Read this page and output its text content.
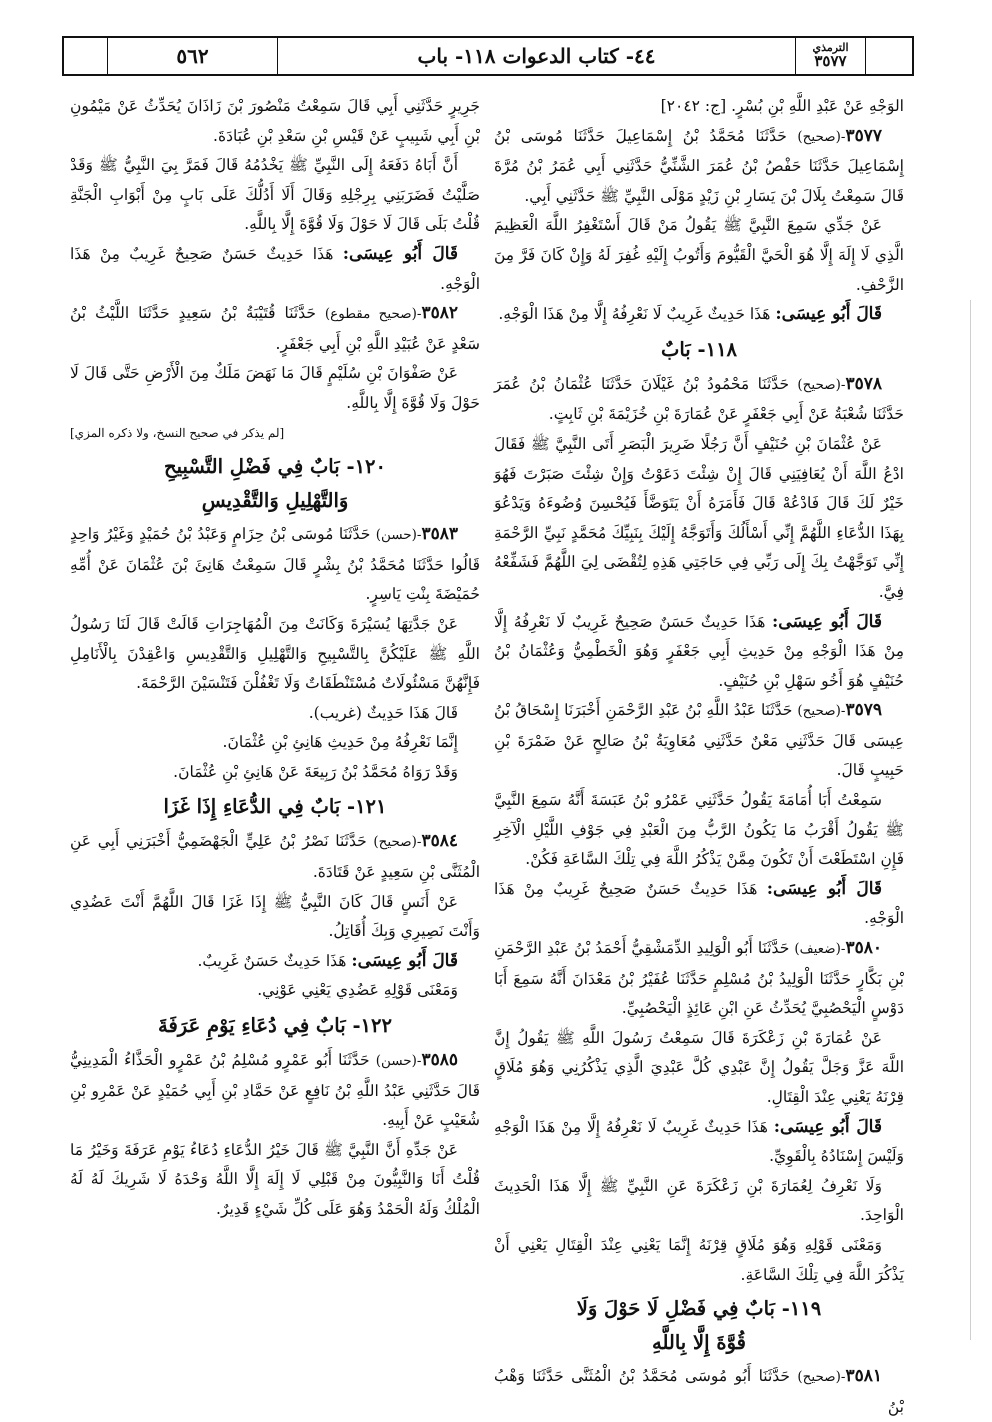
٥٦٢	٤٤- كتاب الدعوات ١١٨- باب	الترمذي
٣٥٧٧

الوَجْهِ عَنْ عَبْدِ اللَّهِ بْنِ بُسْرٍ. [ج: ٢٠٤٢]

٣٥٧٧-(صحيح) حَدَّثَنَا مُحَمَّدُ بْنُ إِسْمَاعِيلَ حَدَّثَنَا مُوسَى بْنُ إِسْمَاعِيلَ حَدَّثَنَا حَفْصُ بْنُ عُمَرَ الشَّنِّيُّ حَدَّثَنِي أَبِي عُمَرُ بْنُ مُرَّةَ قَالَ سَمِعْتُ بِلَالَ بْنَ يَسَارِ بْنِ زَيْدٍ مَوْلَى النَّبِيِّ ﷺ حَدَّثَنِي أَبِي.

عَنْ جَدِّي سَمِعَ النَّبِيَّ ﷺ يَقُولُ مَنْ قَالَ أَسْتَغْفِرُ اللَّهَ الْعَظِيمَ الَّذِي لَا إِلَهَ إِلَّا هُوَ الْحَيَّ الْقَيُّومَ وَأَتُوبُ إِلَيْهِ غُفِرَ لَهُ وَإِنْ كَانَ فَرَّ مِنَ الزَّحْفِ.

قَالَ أَبُو عِيسَى: هَذَا حَدِيثٌ غَرِيبٌ لَا نَعْرِفُهُ إِلَّا مِنْ هَذَا الْوَجْهِ.

١١٨- بَابٌ

٣٥٧٨-(صحيح) حَدَّثَنَا مَحْمُودُ بْنُ غَيْلَانَ حَدَّثَنَا عُثْمَانُ بْنُ عُمَرَ حَدَّثَنَا شُعْبَةُ عَنْ أَبِي جَعْفَرٍ عَنْ عُمَارَةَ بْنِ خُزَيْمَةَ بْنِ ثَابِتٍ.

عَنْ عُثْمَانَ بْنِ حُنَيْفٍ أَنَّ رَجُلًا ضَرِيرَ الْبَصَرِ أَتَى النَّبِيَّ ﷺ فَقَالَ ادْعُ اللَّهَ أَنْ يُعَافِيَنِي قَالَ إِنْ شِئْتَ دَعَوْتُ وَإِنْ شِئْتَ صَبَرْتَ فَهُوَ خَيْرٌ لَكَ قَالَ فَادْعُهْ قَالَ فَأَمَرَهُ أَنْ يَتَوَضَّأَ فَيُحْسِنَ وُضُوءَهُ وَيَدْعُوَ بِهَذَا الدُّعَاءِ اللَّهُمَّ إِنِّي أَسْأَلُكَ وَأَتَوَجَّهُ إِلَيْكَ بِنَبِيِّكَ مُحَمَّدٍ نَبِيِّ الرَّحْمَةِ إِنِّي تَوَجَّهْتُ بِكَ إِلَى رَبِّي فِي حَاجَتِي هَذِهِ لِتُقْضَى لِيَ اللَّهُمَّ فَشَفِّعْهُ فِيَّ.

قَالَ أَبُو عِيسَى: هَذَا حَدِيثٌ حَسَنٌ صَحِيحٌ غَرِيبٌ لَا نَعْرِفُهُ إِلَّا مِنْ هَذَا الْوَجْهِ مِنْ حَدِيثِ أَبِي جَعْفَرٍ وَهُوَ الْخَطْمِيُّ وَعُثْمَانُ بْنُ حُنَيْفٍ هُوَ أَخُو سَهْلِ بْنِ حُنَيْفٍ.

٣٥٧٩-(صحيح) حَدَّثَنَا عَبْدُ اللَّهِ بْنُ عَبْدِ الرَّحْمَنِ أَخْبَرَنَا إِسْحَاقُ بْنُ عِيسَى قَالَ حَدَّثَنِي مَعْنٌ حَدَّثَنِي مُعَاوِيَةُ بْنُ صَالِحٍ عَنْ ضَمْرَةَ بْنِ حَبِيبٍ قَالَ.

سَمِعْتُ أَبَا أُمَامَةَ يَقُولُ حَدَّثَنِي عَمْرُو بْنُ عَبَسَةَ أَنَّهُ سَمِعَ النَّبِيَّ ﷺ يَقُولُ أَقْرَبُ مَا يَكُونُ الرَّبُّ مِنَ الْعَبْدِ فِي جَوْفِ اللَّيْلِ الْآخِرِ فَإِنِ اسْتَطَعْتَ أَنْ تَكُونَ مِمَّنْ يَذْكُرُ اللَّهَ فِي تِلْكَ السَّاعَةِ فَكُنْ.

قَالَ أَبُو عِيسَى: هَذَا حَدِيثٌ حَسَنٌ صَحِيحٌ غَرِيبٌ مِنْ هَذَا الْوَجْهِ.

٣٥٨٠-(ضعيف) حَدَّثَنَا أَبُو الْوَلِيدِ الدِّمَشْقِيُّ أَحْمَدُ بْنُ عَبْدِ الرَّحْمَنِ بْنِ بَكَّارٍ حَدَّثَنَا الْوَلِيدُ بْنُ مُسْلِمٍ حَدَّثَنَا عُفَيْرُ بْنُ مَعْدَانَ أَنَّهُ سَمِعَ أَبَا دَوْسٍ الْيَحْصُبِيَّ يُحَدِّثُ عَنِ ابْنِ عَائِذٍ الْيَحْصُبِيِّ.

عَنْ عُمَارَةَ بْنِ زَعْكَرَةَ قَالَ سَمِعْتُ رَسُولَ اللَّهِ ﷺ يَقُولُ إِنَّ اللَّهَ عَزَّ وَجَلَّ يَقُولُ إِنَّ عَبْدِي كُلَّ عَبْدِيَ الَّذِي يَذْكُرُنِي وَهُوَ مُلَاقٍ قِرْنَهُ يَعْنِي عِنْدَ الْقِتَالِ.

قَالَ أَبُو عِيسَى: هَذَا حَدِيثٌ غَرِيبٌ لَا نَعْرِفُهُ إِلَّا مِنْ هَذَا الْوَجْهِ وَلَيْسَ إِسْنَادُهُ بِالْقَوِيِّ.

وَلَا نَعْرِفُ لِعُمَارَةَ بْنِ زَعْكَرَةَ عَنِ النَّبِيِّ ﷺ إِلَّا هَذَا الْحَدِيثَ الْوَاحِدَ.

وَمَعْنَى قَوْلِهِ وَهُوَ مُلَاقٍ قِرْنَهُ إِنَّمَا يَعْنِي عِنْدَ الْقِتَالِ يَعْنِي أَنْ يَذْكُرَ اللَّهَ فِي تِلْكَ السَّاعَةِ.

١١٩- بَابٌ فِي فَضْلِ لَا حَوْلَ وَلَا
قُوَّةَ إِلَّا بِاللَّهِ

٣٥٨١-(صحيح) حَدَّثَنَا أَبُو مُوسَى مُحَمَّدُ بْنُ الْمُثَنَّى حَدَّثَنَا وَهْبُ بْنُ

جَرِيرٍ حَدَّثَنِي أَبِي قَالَ سَمِعْتُ مَنْصُورَ بْنَ زَاذَانَ يُحَدِّثُ عَنْ مَيْمُونِ بْنِ أَبِي شَبِيبٍ عَنْ قَيْسِ بْنِ سَعْدِ بْنِ عُبَادَةَ.

أَنَّ أَبَاهُ دَفَعَهُ إِلَى النَّبِيِّ ﷺ يَخْدُمُهُ قَالَ فَمَرَّ بِيَ النَّبِيُّ ﷺ وَقَدْ صَلَّيْتُ فَضَرَبَنِي بِرِجْلِهِ وَقَالَ أَلَا أَدُلُّكَ عَلَى بَابٍ مِنْ أَبْوَابِ الْجَنَّةِ قُلْتُ بَلَى قَالَ لَا حَوْلَ وَلَا قُوَّةَ إِلَّا بِاللَّهِ.

قَالَ أَبُو عِيسَى: هَذَا حَدِيثٌ حَسَنٌ صَحِيحٌ غَرِيبٌ مِنْ هَذَا الْوَجْهِ.

٣٥٨٢-(صحيح مقطوع) حَدَّثَنَا قُتَيْبَةُ بْنُ سَعِيدٍ حَدَّثَنَا اللَّيْثُ بْنُ سَعْدٍ عَنْ عُبَيْدِ اللَّهِ بْنِ أَبِي جَعْفَرٍ.

عَنْ صَفْوَانَ بْنِ سُلَيْمٍ قَالَ مَا نَهَضَ مَلَكٌ مِنَ الْأَرْضِ حَتَّى قَالَ لَا حَوْلَ وَلَا قُوَّةَ إِلَّا بِاللَّهِ.

[لم يذكر في صحيح النسخ، ولا ذكره المزي]

١٢٠- بَابٌ فِي فَضْلِ التَّسْبِيحِ
وَالتَّهْلِيلِ وَالتَّقْدِيسِ

٣٥٨٣-(حسن) حَدَّثَنَا مُوسَى بْنُ حِزَامٍ وَعَبْدُ بْنُ حُمَيْدٍ وَغَيْرُ وَاحِدٍ قَالُوا حَدَّثَنَا مُحَمَّدُ بْنُ بِشْرٍ قَالَ سَمِعْتُ هَانِئَ بْنَ عُثْمَانَ عَنْ أُمِّهِ حُمَيْضَةَ بِنْتِ يَاسِرٍ.

عَنْ جَدَّتِهَا يُسَيْرَةَ وَكَانَتْ مِنَ الْمُهَاجِرَاتِ قَالَتْ قَالَ لَنَا رَسُولُ اللَّهِ ﷺ عَلَيْكُنَّ بِالتَّسْبِيحِ وَالتَّهْلِيلِ وَالتَّقْدِيسِ وَاعْقِدْنَ بِالْأَنَامِلِ فَإِنَّهُنَّ مَسْئُولَاتٌ مُسْتَنْطَقَاتٌ وَلَا تَغْفُلْنَ فَتَنْسَيْنَ الرَّحْمَةَ.

قَالَ هَذَا حَدِيثٌ (غريب).

إِنَّمَا نَعْرِفُهُ مِنْ حَدِيثِ هَانِئِ بْنِ عُثْمَانَ.

وَقَدْ رَوَاهُ مُحَمَّدُ بْنُ رَبِيعَةَ عَنْ هَانِئِ بْنِ عُثْمَانَ.

١٢١- بَابٌ فِي الدُّعَاءِ إِذَا غَزَا

٣٥٨٤-(صحيح) حَدَّثَنَا نَصْرُ بْنُ عَلِيٍّ الْجَهْضَمِيُّ أَخْبَرَنِي أَبِي عَنِ الْمُثَنَّى بْنِ سَعِيدٍ عَنْ قَتَادَةَ.

عَنْ أَنَسٍ قَالَ كَانَ النَّبِيُّ ﷺ إِذَا غَزَا قَالَ اللَّهُمَّ أَنْتَ عَضُدِي وَأَنْتَ نَصِيرِي وَبِكَ أُقَاتِلُ.

قَالَ أَبُو عِيسَى: هَذَا حَدِيثٌ حَسَنٌ غَرِيبٌ.

وَمَعْنَى قَوْلِهِ عَضُدِي يَعْنِي عَوْنِي.

١٢٢- بَابٌ فِي دُعَاءِ يَوْمِ عَرَفَةَ

٣٥٨٥-(حسن) حَدَّثَنَا أَبُو عَمْرٍو مُسْلِمُ بْنُ عَمْرٍو الْحَذَّاءُ الْمَدِينِيُّ قَالَ حَدَّثَنِي عَبْدُ اللَّهِ بْنُ نَافِعٍ عَنْ حَمَّادِ بْنِ أَبِي حُمَيْدٍ عَنْ عَمْرِو بْنِ شُعَيْبٍ عَنْ أَبِيهِ.

عَنْ جَدِّهِ أَنَّ النَّبِيَّ ﷺ قَالَ خَيْرُ الدُّعَاءِ دُعَاءُ يَوْمِ عَرَفَةَ وَخَيْرُ مَا قُلْتُ أَنَا وَالنَّبِيُّونَ مِنْ قَبْلِي لَا إِلَهَ إِلَّا اللَّهُ وَحْدَهُ لَا شَرِيكَ لَهُ لَهُ الْمُلْكُ وَلَهُ الْحَمْدُ وَهُوَ عَلَى كُلِّ شَيْءٍ قَدِيرٌ.
